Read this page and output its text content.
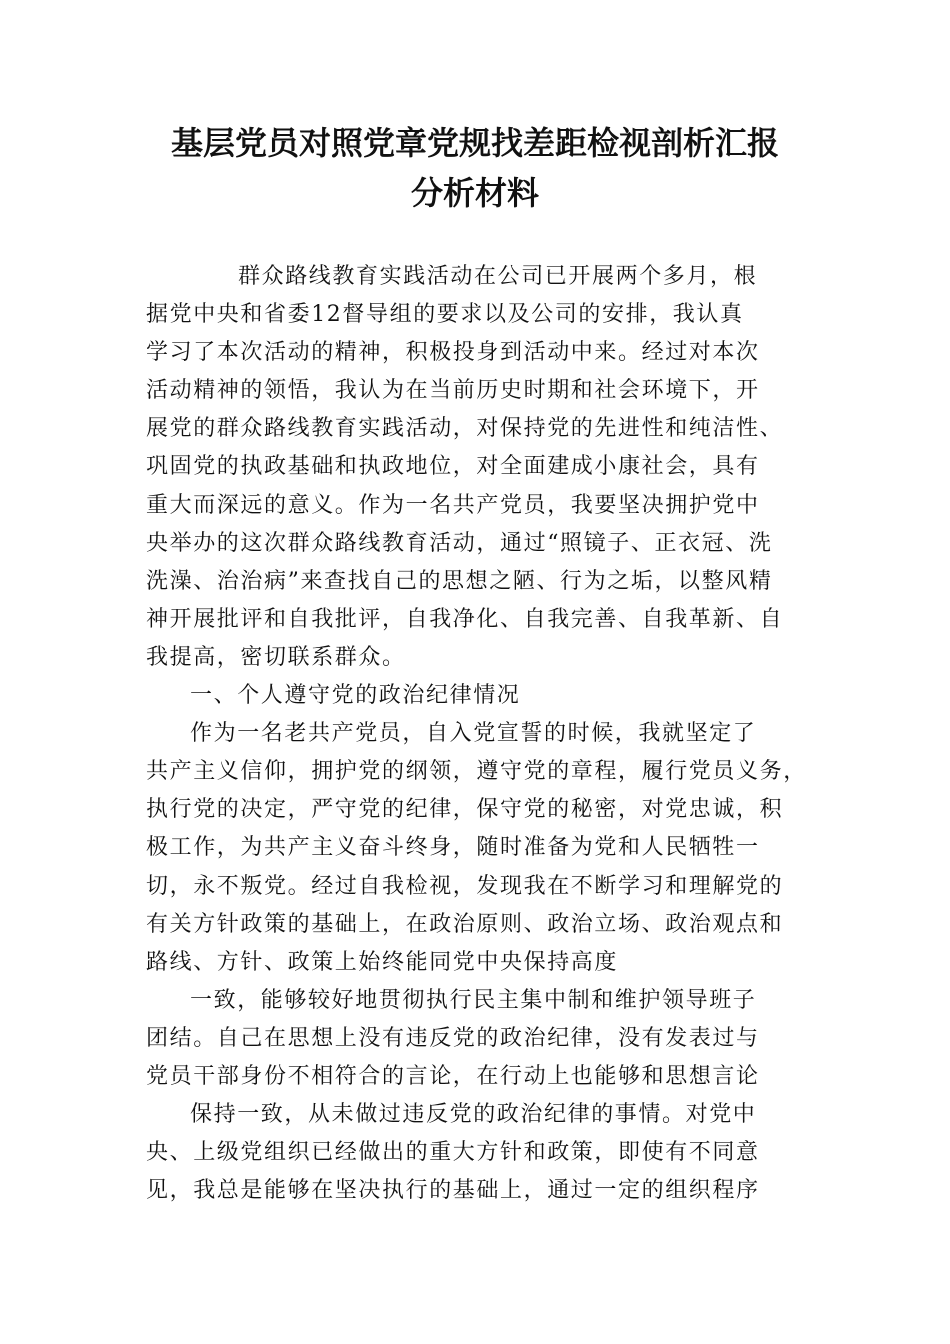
基层党员对照党章党规找差距检视剖析汇报
分析材料
群众路线教育实践活动在公司已开展两个多月，根
据党中央和省委12督导组的要求以及公司的安排，我认真
学习了本次活动的精神，积极投身到活动中来。经过对本次
活动精神的领悟，我认为在当前历史时期和社会环境下，开
展党的群众路线教育实践活动，对保持党的先进性和纯洁性、
巩固党的执政基础和执政地位，对全面建成小康社会，具有
重大而深远的意义。作为一名共产党员，我要坚决拥护党中
央举办的这次群众路线教育活动，通过“照镜子、正衣冠、洗
洗澡、治治病”来查找自己的思想之陋、行为之垢，以整风精
神开展批评和自我批评，自我净化、自我完善、自我革新、自
我提高，密切联系群众。
一、个人遵守党的政治纪律情况
作为一名老共产党员，自入党宣誓的时候，我就坚定了
共产主义信仰，拥护党的纲领，遵守党的章程，履行党员义务，
执行党的决定，严守党的纪律，保守党的秘密，对党忠诚，积
极工作，为共产主义奋斗终身，随时准备为党和人民牺牲一
切，永不叛党。经过自我检视，发现我在不断学习和理解党的
有关方针政策的基础上，在政治原则、政治立场、政治观点和
路线、方针、政策上始终能同党中央保持高度
一致，能够较好地贯彻执行民主集中制和维护领导班子
团结。自己在思想上没有违反党的政治纪律，没有发表过与
党员干部身份不相符合的言论，在行动上也能够和思想言论
保持一致，从未做过违反党的政治纪律的事情。对党中
央、上级党组织已经做出的重大方针和政策，即使有不同意
见，我总是能够在坚决执行的基础上，通过一定的组织程序
